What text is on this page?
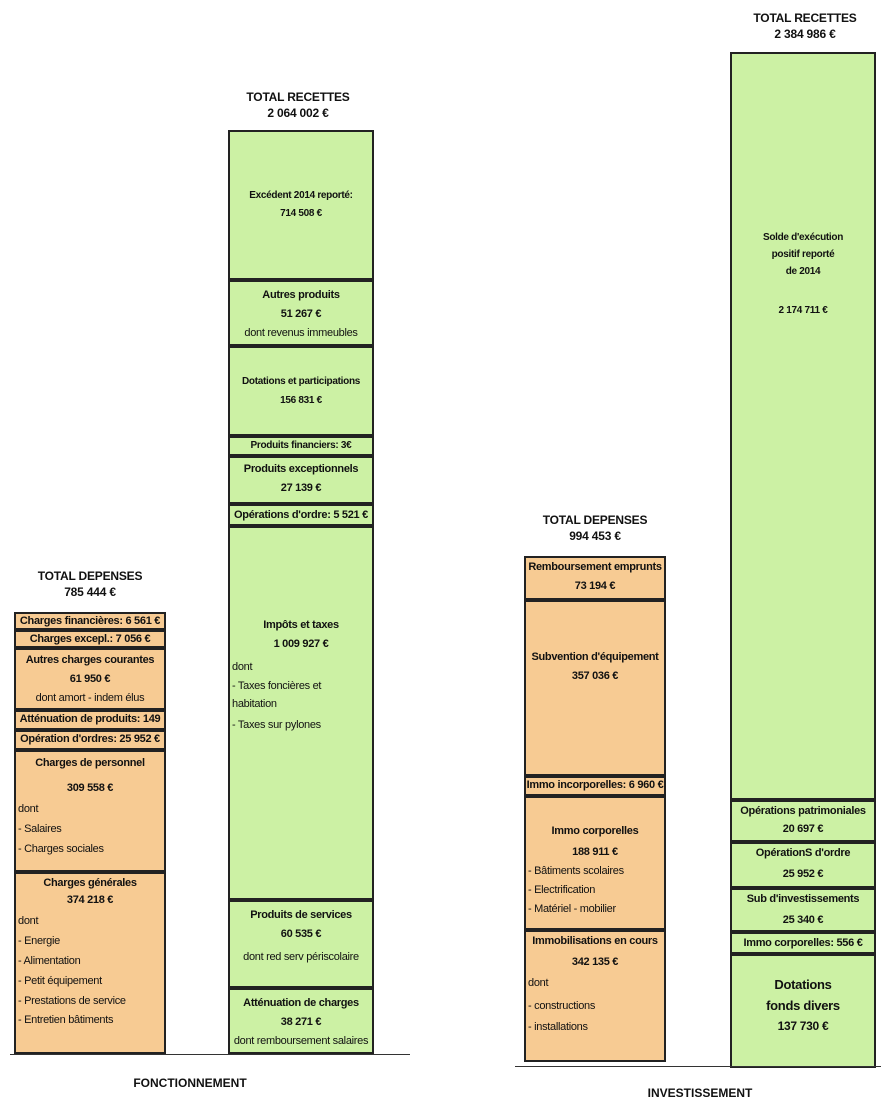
TOTAL DEPENSES
785 444 €
Charges financières: 6 561 €
Charges excepl.: 7 056 €
Autres charges courantes
61 950 €
dont amort - indem élus
Atténuation de produits: 149
Opération d'ordres: 25 952 €
Charges de personnel
309 558 €
dont
- Salaires
- Charges sociales
Charges générales
374 218 €
dont
- Energie
- Alimentation
- Petit équipement
- Prestations de service
- Entretien bâtiments
TOTAL RECETTES
2 064 002 €
Excédent 2014 reporté:
714 508 €
Autres produits
51 267 €
dont revenus immeubles
Dotations et participations
156 831 €
Produits financiers: 3€
Produits exceptionnels
27 139 €
Opérations d'ordre: 5 521 €
Impôts et taxes
1 009 927 €
dont
- Taxes foncières et
habitation
- Taxes sur pylones
Produits de services
60 535 €
dont red serv périscolaire
Atténuation de charges
38 271 €
dont remboursement salaires
FONCTIONNEMENT
TOTAL DEPENSES
994 453 €
Remboursement emprunts
73 194 €
Subvention d'équipement
357 036 €
Immo incorporelles: 6 960 €
Immo corporelles
188 911 €
- Bâtiments scolaires
- Electrification
- Matériel - mobilier
Immobilisations en cours
342 135 €
dont
- constructions
- installations
TOTAL RECETTES
2 384 986 €
Solde d'exécution
positif reporté
de 2014
2 174 711 €
Opérations patrimoniales
20 697 €
OpérationS d'ordre
25 952 €
Sub d'investissements
25 340 €
Immo corporelles: 556 €
Dotations
fonds divers
137 730 €
INVESTISSEMENT
